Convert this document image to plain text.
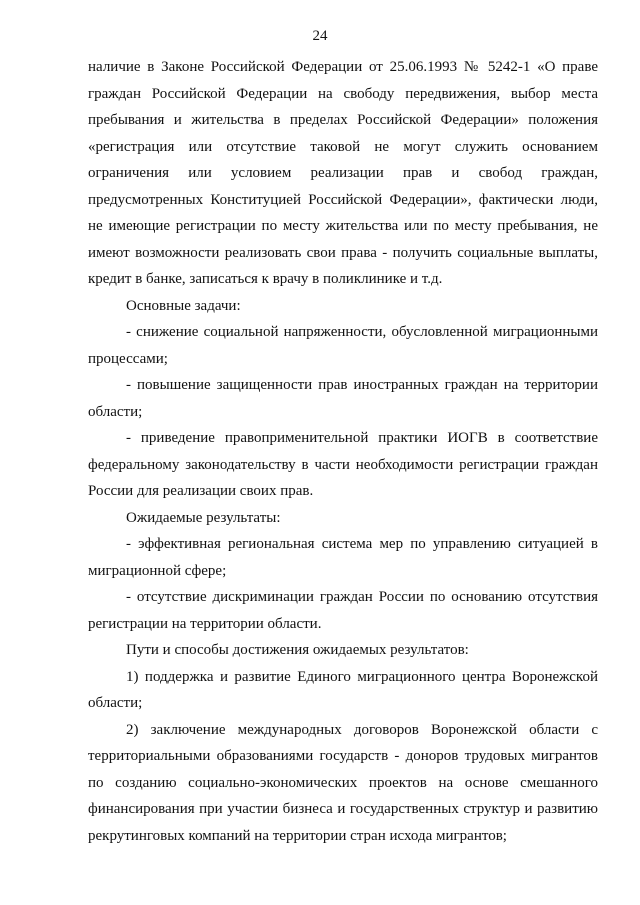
24

наличие в Законе Российской Федерации от 25.06.1993 № 5242-1 «О праве граждан Российской Федерации на свободу передвижения, выбор места пребывания и жительства в пределах Российской Федерации» положения «регистрация или отсутствие таковой не могут служить основанием ограничения или условием реализации прав и свобод граждан, предусмотренных Конституцией Российской Федерации», фактически люди, не имеющие регистрации по месту жительства или по месту пребывания, не имеют возможности реализовать свои права - получить социальные выплаты, кредит в банке, записаться к врачу в поликлинике и т.д.

Основные задачи:

- снижение социальной напряженности, обусловленной миграционными процессами;

- повышение защищенности прав иностранных граждан на территории области;

- приведение правоприменительной практики ИОГВ в соответствие федеральному законодательству в части необходимости регистрации граждан России для реализации своих прав.

Ожидаемые результаты:

- эффективная региональная система мер по управлению ситуацией в миграционной сфере;

- отсутствие дискриминации граждан России по основанию отсутствия регистрации на территории области.

Пути и способы достижения ожидаемых результатов:

1) поддержка и развитие Единого миграционного центра Воронежской области;

2) заключение международных договоров Воронежской области с территориальными образованиями государств - доноров трудовых мигрантов по созданию социально-экономических проектов на основе смешанного финансирования при участии бизнеса и государственных структур и развитию рекрутинговых компаний на территории стран исхода мигрантов;
